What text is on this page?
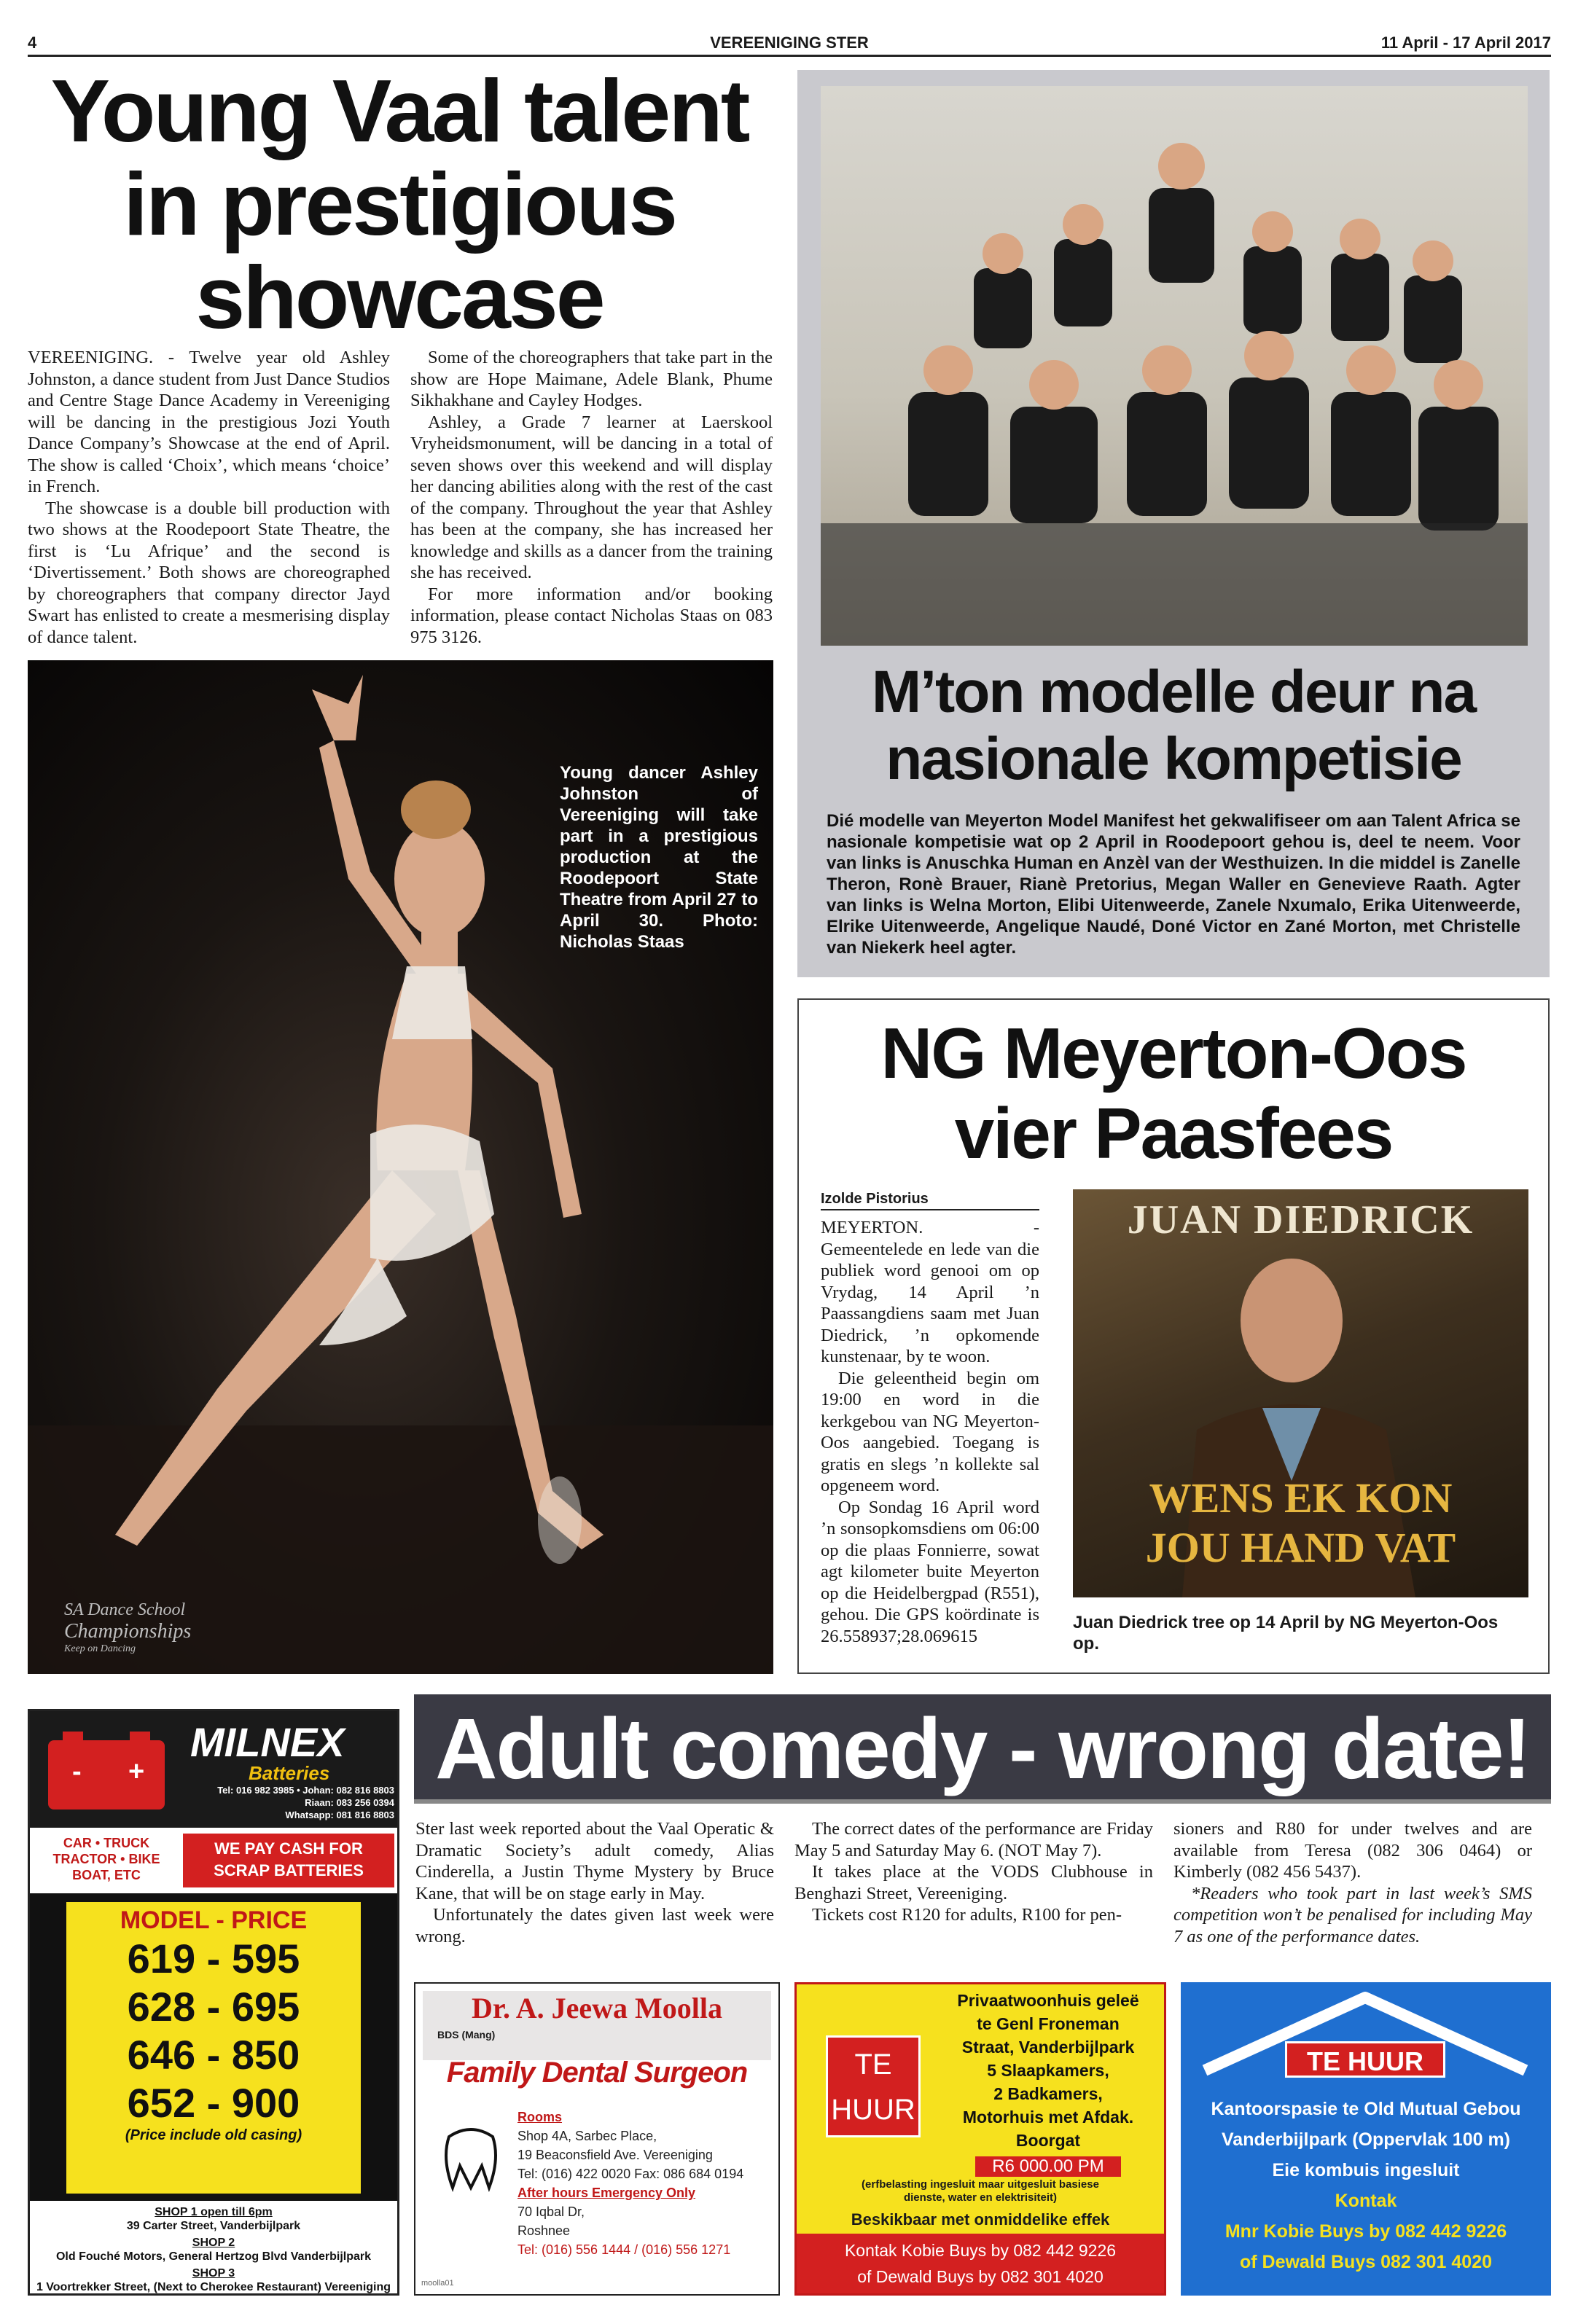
4	VEREENIGING STER	11 April - 17 April 2017
Young Vaal talent
in prestigious
showcase

VEREENIGING. - Twelve year old Ashley Johnston, a dance student from Just Dance Studios and Centre Stage Dance Academy in Vereeniging will be dancing in the prestigious Jozi Youth Dance Company’s Showcase at the end of April. The show is called ‘Choix’, which means ‘choice’ in French.

The showcase is a double bill production with two shows at the Roodepoort State Theatre, the first is ‘Lu Afrique’ and the second is ‘Divertissement.’ Both shows are choreographed by choreographers that company director Jayd Swart has enlisted to create a mesmerising display of dance talent.

Some of the choreographers that take part in the show are Hope Maimane, Adele Blank, Phume Sikhakhane and Cayley Hodges.

Ashley, a Grade 7 learner at Laerskool Vryheidsmonument, will be dancing in a total of seven shows over this weekend and will display her dancing abilities along with the rest of the cast of the company. Throughout the year that Ashley has been at the company, she has increased her knowledge and skills as a dancer from the training she has received.

For more information and/or booking information, please contact Nicholas Staas on 083 975 3126.

Young dancer Ashley Johnston of Vereeniging will take part in a prestigious production at the Roodepoort State Theatre from April 27 to April 30. Photo: Nicholas Staas
SA Dance School
Championships
Keep on Dancing
M’ton modelle deur na
nasionale kompetisie
Dié modelle van Meyerton Model Manifest het gekwalifiseer om aan Talent Africa se nasionale kompetisie wat op 2 April in Roodepoort gehou is, deel te neem. Voor van links is Anuschka Human en Anzèl van der Westhuizen. In die middel is Zanelle Theron, Ronè Brauer, Rianè Pretorius, Megan Waller en Genevieve Raath. Agter van links is Welna Morton, Elibi Uitenweerde, Zanele Nxumalo, Erika Uitenweerde, Elrike Uitenweerde, Angelique Naudé, Doné Victor en Zané Morton, met Christelle van Niekerk heel agter.
NG Meyerton-Oos
vier Paasfees
Izolde Pistorius

MEYERTON. - Gemeentelede en lede van die publiek word genooi om op Vrydag, 14 April ’n Paassangdiens saam met Juan Diedrick, ’n opkomende kunstenaar, by te woon.

Die geleentheid begin om 19:00 en word in die kerkgebou van NG Meyerton-Oos aangebied. Toegang is gratis en slegs ’n kollekte sal opgeneem word.

Op Sondag 16 April word ’n sonsopkomsdiens om 06:00 op die plaas Fonnierre, sowat agt kilometer buite Meyerton op die Heidelbergpad (R551), gehou. Die GPS koördinate is 26.558937;28.069615

JUAN DIEDRICK
WENS EK KON
JOU HAND VAT
Juan Diedrick tree op 14 April by NG Meyerton-Oos op.
Adult comedy - wrong date!

Ster last week reported about the Vaal Operatic & Dramatic Society’s adult comedy, Alias Cinderella, a Justin Thyme Mystery by Bruce Kane, that will be on stage early in May.

Unfortunately the dates given last week were wrong.

The correct dates of the performance are Friday May 5 and Saturday May 6. (NOT May 7).

It takes place at the VODS Clubhouse in Benghazi Street, Vereeniging.

Tickets cost R120 for adults, R100 for pen-

sioners and R80 for under twelves and are available from Teresa (082 306 0464) or Kimberly (082 456 5437).

*Readers who took part in last week’s SMS competition won’t be penalised for including May 7 as one of the performance dates.

- +
MILNEX
Batteries
Tel: 016 982 3985 • Johan: 082 816 8803
Riaan: 083 256 0394
Whatsapp: 081 816 8803
CAR • TRUCK
TRACTOR • BIKE
BOAT, ETC
WE PAY CASH FOR
SCRAP BATTERIES
MODEL - PRICE
619 - 595
628 - 695
646 - 850
652 - 900
(Price include old casing)
SHOP 1 open till 6pm
39 Carter Street, Vanderbijlpark
SHOP 2
Old Fouché Motors, General Hertzog Blvd Vanderbijlpark
SHOP 3
1 Voortrekker Street, (Next to Cherokee Restaurant) Vereeniging
Dr. A. Jeewa Moolla
BDS (Mang)
Family Dental Surgeon
Rooms
Shop 4A, Sarbec Place,
19 Beaconsfield Ave. Vereeniging
Tel: (016) 422 0020 Fax: 086 684 0194
After hours Emergency Only
70 Iqbal Dr,
Roshnee
Tel: (016) 556 1444 / (016) 556 1271
moolla01
TE
HUUR
Privaatwoonhuis geleë
te Genl Froneman
Straat, Vanderbijlpark
5 Slaapkamers,
2 Badkamers,
Motorhuis met Afdak.
Boorgat
R6 000.00 PM
(erfbelasting ingesluit maar uitgesluit basiese
dienste, water en elektrisiteit)
Beskikbaar met onmiddelike effek
Kontak Kobie Buys by 082 442 9226
of Dewald Buys by 082 301 4020
TE HUUR
Kantoorspasie te Old Mutual Gebou
Vanderbijlpark (Oppervlak 100 m)
Eie kombuis ingesluit
Kontak
Mnr Kobie Buys by 082 442 9226
of Dewald Buys 082 301 4020
